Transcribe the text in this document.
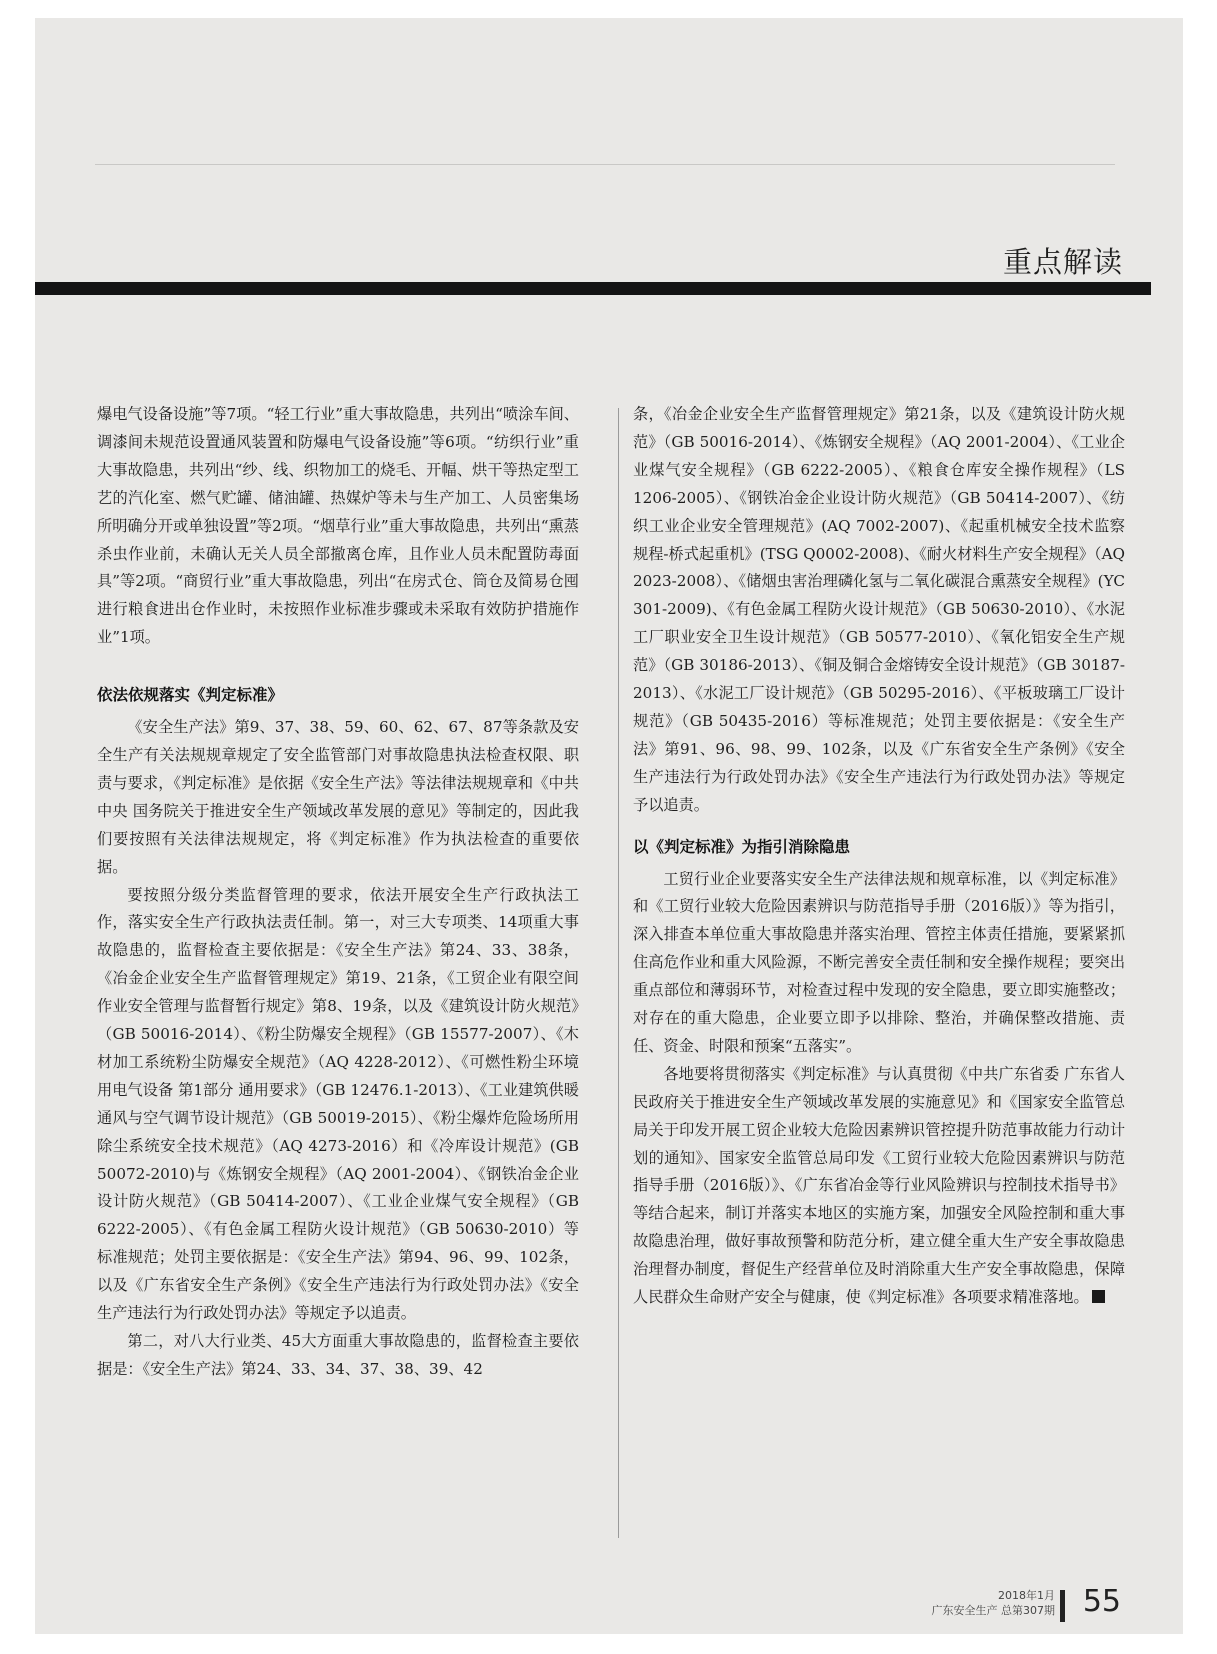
重点解读

爆电气设备设施”等7项。“轻工行业”重大事故隐患，共列出“喷涂车间、调漆间未规范设置通风装置和防爆电气设备设施”等6项。“纺织行业”重大事故隐患，共列出“纱、线、织物加工的烧毛、开幅、烘干等热定型工艺的汽化室、燃气贮罐、储油罐、热媒炉等未与生产加工、人员密集场所明确分开或单独设置”等2项。“烟草行业”重大事故隐患，共列出“熏蒸杀虫作业前，未确认无关人员全部撤离仓库，且作业人员未配置防毒面具”等2项。“商贸行业”重大事故隐患，列出“在房式仓、筒仓及简易仓囤进行粮食进出仓作业时，未按照作业标准步骤或未采取有效防护措施作业”1项。

依法依规落实《判定标准》

《安全生产法》第9、37、38、59、60、62、67、87等条款及安全生产有关法规规章规定了安全监管部门对事故隐患执法检查权限、职责与要求，《判定标准》是依据《安全生产法》等法律法规规章和《中共中央 国务院关于推进安全生产领域改革发展的意见》等制定的，因此我们要按照有关法律法规规定，将《判定标准》作为执法检查的重要依据。

要按照分级分类监督管理的要求，依法开展安全生产行政执法工作，落实安全生产行政执法责任制。第一，对三大专项类、14项重大事故隐患的，监督检查主要依据是：《安全生产法》第24、33、38条，《冶金企业安全生产监督管理规定》第19、21条，《工贸企业有限空间作业安全管理与监督暂行规定》第8、19条，以及《建筑设计防火规范》（GB 50016-2014）、《粉尘防爆安全规程》（GB 15577-2007）、《木材加工系统粉尘防爆安全规范》（AQ 4228-2012）、《可燃性粉尘环境用电气设备 第1部分 通用要求》（GB 12476.1-2013）、《工业建筑供暖通风与空气调节设计规范》（GB 50019-2015）、《粉尘爆炸危险场所用除尘系统安全技术规范》（AQ 4273-2016）和《冷库设计规范》(GB 50072-2010)与《炼钢安全规程》（AQ 2001-2004）、《钢铁冶金企业设计防火规范》（GB 50414-2007）、《工业企业煤气安全规程》（GB 6222-2005）、《有色金属工程防火设计规范》（GB 50630-2010）等标准规范；处罚主要依据是：《安全生产法》第94、96、99、102条，以及《广东省安全生产条例》《安全生产违法行为行政处罚办法》《安全生产违法行为行政处罚办法》等规定予以追责。

第二，对八大行业类、45大方面重大事故隐患的，监督检查主要依据是：《安全生产法》第24、33、34、37、38、39、42

条，《冶金企业安全生产监督管理规定》第21条，以及《建筑设计防火规范》（GB 50016-2014）、《炼钢安全规程》（AQ 2001-2004）、《工业企业煤气安全规程》（GB 6222-2005）、《粮食仓库安全操作规程》（LS 1206-2005）、《钢铁冶金企业设计防火规范》（GB 50414-2007）、《纺织工业企业安全管理规范》(AQ 7002-2007)、《起重机械安全技术监察规程-桥式起重机》(TSG Q0002-2008)、《耐火材料生产安全规程》（AQ 2023-2008）、《储烟虫害治理磷化氢与二氧化碳混合熏蒸安全规程》(YC 301-2009)、《有色金属工程防火设计规范》（GB 50630-2010）、《水泥工厂职业安全卫生设计规范》（GB 50577-2010）、《氧化铝安全生产规范》（GB 30186-2013）、《铜及铜合金熔铸安全设计规范》（GB 30187-2013）、《水泥工厂设计规范》（GB 50295-2016）、《平板玻璃工厂设计规范》（GB 50435-2016）等标准规范；处罚主要依据是：《安全生产法》第91、96、98、99、102条，以及《广东省安全生产条例》《安全生产违法行为行政处罚办法》《安全生产违法行为行政处罚办法》等规定予以追责。

以《判定标准》为指引消除隐患

工贸行业企业要落实安全生产法律法规和规章标准，以《判定标准》和《工贸行业较大危险因素辨识与防范指导手册（2016版）》等为指引，深入排查本单位重大事故隐患并落实治理、管控主体责任措施，要紧紧抓住高危作业和重大风险源，不断完善安全责任制和安全操作规程；要突出重点部位和薄弱环节，对检查过程中发现的安全隐患，要立即实施整改；对存在的重大隐患，企业要立即予以排除、整治，并确保整改措施、责任、资金、时限和预案“五落实”。

各地要将贯彻落实《判定标准》与认真贯彻《中共广东省委 广东省人民政府关于推进安全生产领域改革发展的实施意见》和《国家安全监管总局关于印发开展工贸企业较大危险因素辨识管控提升防范事故能力行动计划的通知》、国家安全监管总局印发《工贸行业较大危险因素辨识与防范指导手册（2016版）》、《广东省冶金等行业风险辨识与控制技术指导书》等结合起来，制订并落实本地区的实施方案，加强安全风险控制和重大事故隐患治理，做好事故预警和防范分析，建立健全重大生产安全事故隐患治理督办制度，督促生产经营单位及时消除重大生产安全事故隐患，保障人民群众生命财产安全与健康，使《判定标准》各项要求精准落地。

2018年1月
广东安全生产 总第307期 55
